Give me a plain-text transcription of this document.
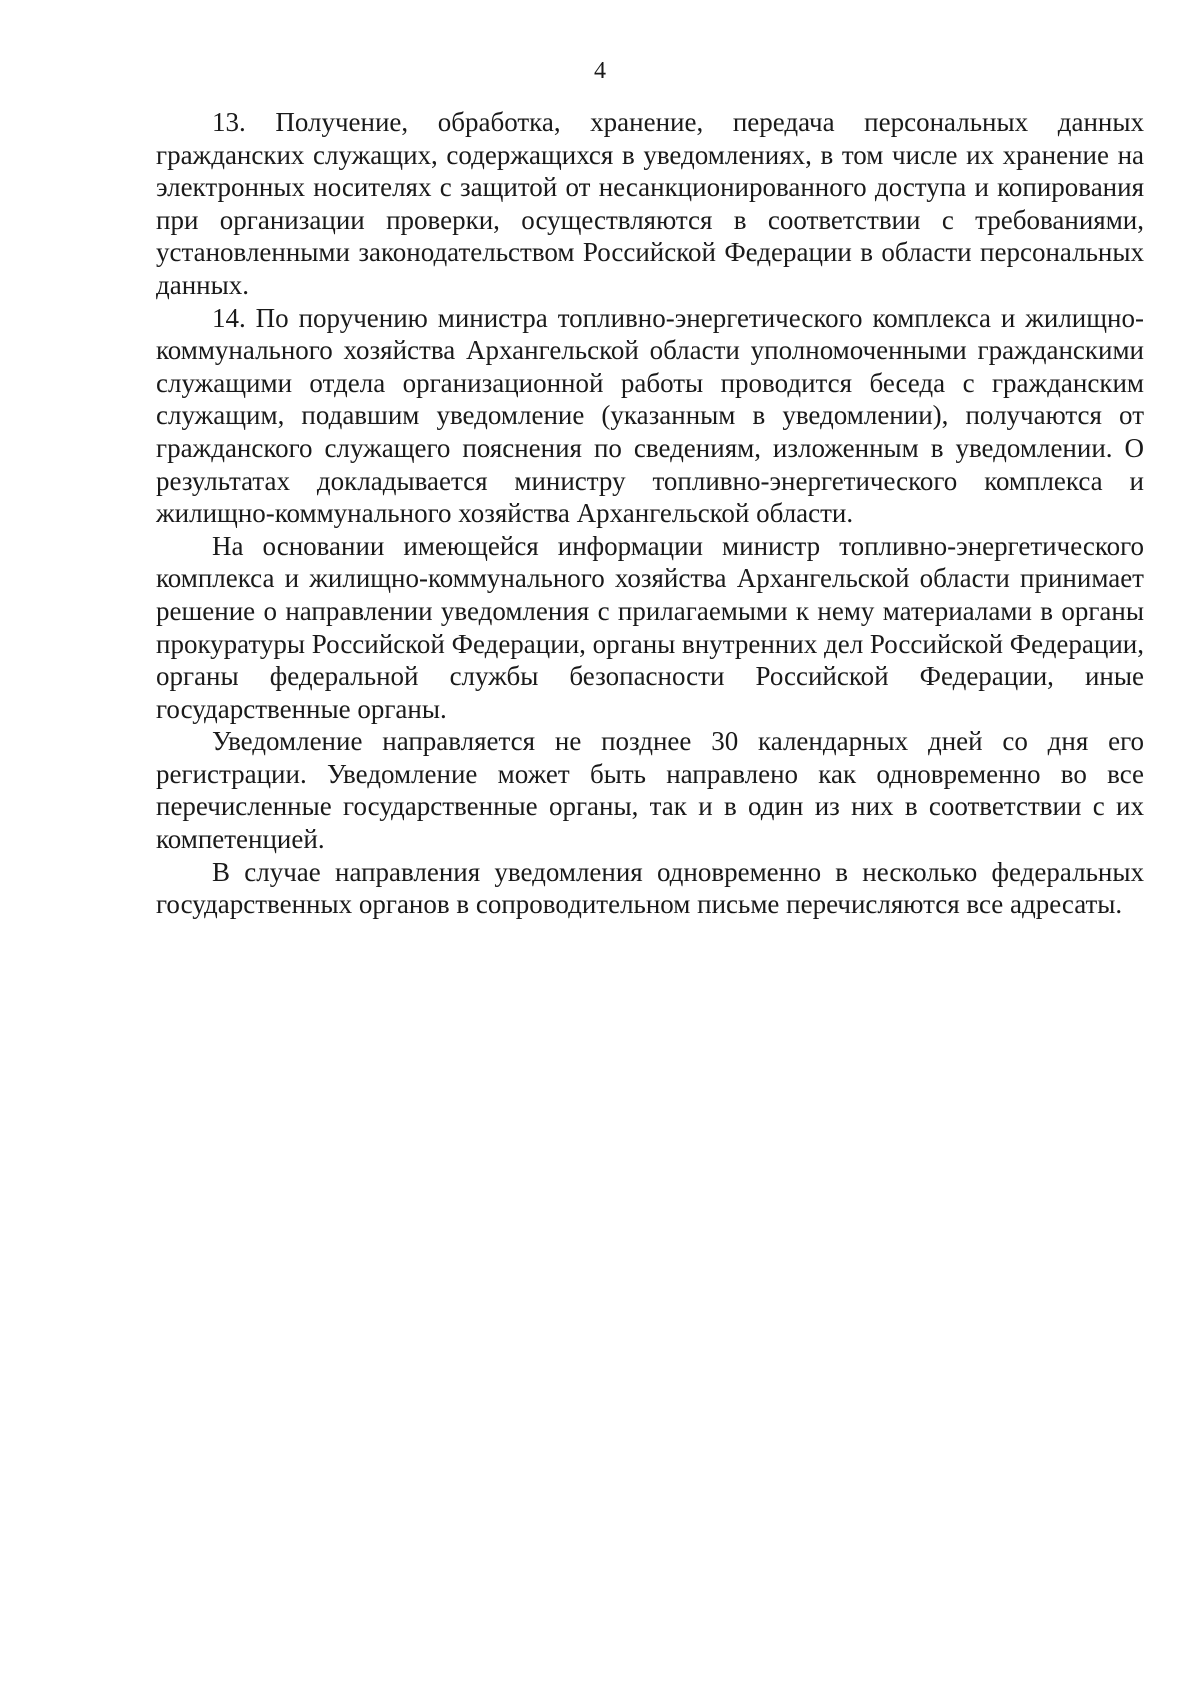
4

13. Получение, обработка, хранение, передача персональных данных гражданских служащих, содержащихся в уведомлениях, в том числе их хранение на электронных носителях с защитой от несанкционированного доступа и копирования при организации проверки, осуществляются в соответствии с требованиями, установленными законодательством Российской Федерации в области персональных данных.

14. По поручению министра топливно-энергетического комплекса и жилищно-коммунального хозяйства Архангельской области уполномоченными гражданскими служащими отдела организационной работы проводится беседа с гражданским служащим, подавшим уведомление (указанным в уведомлении), получаются от гражданского служащего пояснения по сведениям, изложенным в уведомлении. О результатах докладывается министру топливно-энергетического комплекса и жилищно-коммунального хозяйства Архангельской области.

На основании имеющейся информации министр топливно-энергетического комплекса и жилищно-коммунального хозяйства Архангельской области принимает решение о направлении уведомления с прилагаемыми к нему материалами в органы прокуратуры Российской Федерации, органы внутренних дел Российской Федерации, органы федеральной службы безопасности Российской Федерации, иные государственные органы.

Уведомление направляется не позднее 30 календарных дней со дня его регистрации. Уведомление может быть направлено как одновременно во все перечисленные государственные органы, так и в один из них в соответствии с их компетенцией.

В случае направления уведомления одновременно в несколько федеральных государственных органов в сопроводительном письме перечисляются все адресаты.
